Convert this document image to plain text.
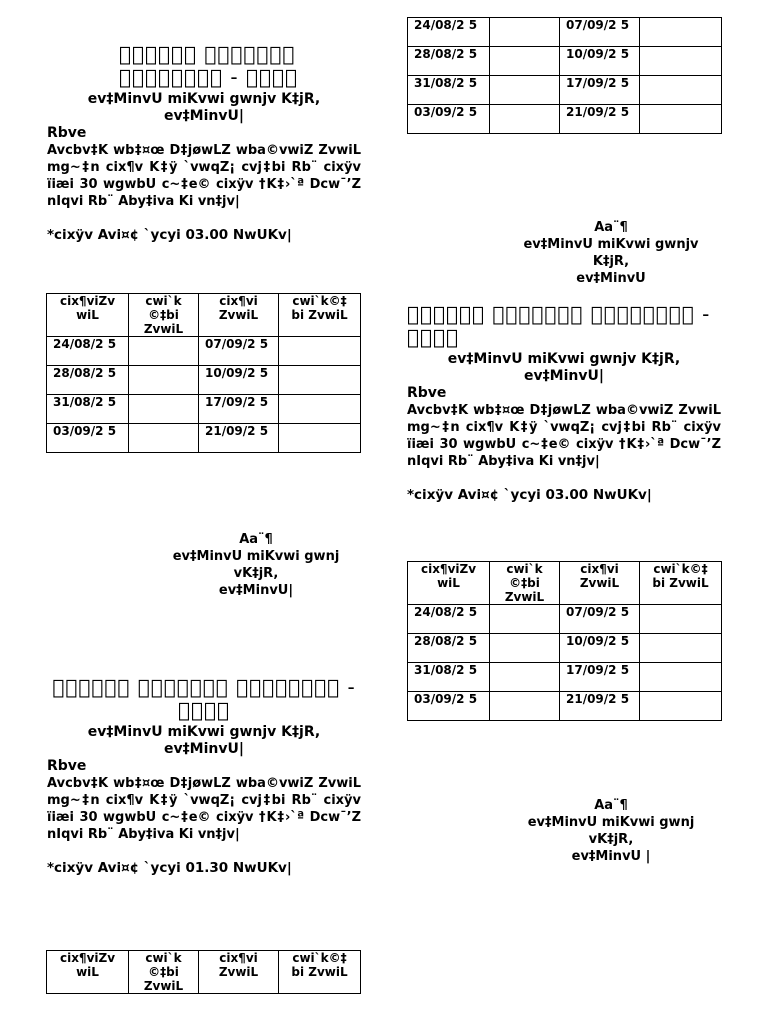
24/08/2 5		07/09/2 5	
28/08/2 5		10/09/2 5	
31/08/2 5		17/09/2 5	
03/09/2 5		21/09/2 5	
Aa¨¶
ev‡MinvU miKvwi gwnjv
K‡jR,
ev‡MinvU

                        -     

ev‡MinvU miKvwi gwnjv K‡jR, ev‡MinvU|

Rbve

Avcbv‡K wb‡¤œ D‡jøwLZ wba©vwiZ ZvwiL mg~‡n cix¶v K‡ÿ `vwqZ¡ cvj‡bi Rb¨ cixÿv ïiæi 30 wgwbU c~‡e© cixÿv †K‡›`ª Dcw¯’Z nIqvi Rb¨ Aby‡iva Ki vn‡jv|

*cixÿv Avi¤¢ `ycyi 03.00 NwUKv|

cix¶viZv wiL	cwi`k ©‡bi ZvwiL	cix¶vi ZvwiL	cwi`k©‡ bi ZvwiL
24/08/2 5		07/09/2 5	
28/08/2 5		10/09/2 5	
31/08/2 5		17/09/2 5	
03/09/2 5		21/09/2 5	
Aa¨¶
ev‡MinvU miKvwi gwnj
vK‡jR,
ev‡MinvU|

                        -     

ev‡MinvU miKvwi gwnjv K‡jR, ev‡MinvU|

Rbve

Avcbv‡K wb‡¤œ D‡jøwLZ wba©vwiZ ZvwiL mg~‡n cix¶v K‡ÿ `vwqZ¡ cvj‡bi Rb¨ cixÿv ïiæi 30 wgwbU c~‡e© cixÿv †K‡›`ª Dcw¯’Z nIqvi Rb¨ Aby‡iva Ki vn‡jv|

*cixÿv Avi¤¢ `ycyi 03.00 NwUKv|

cix¶viZv wiL	cwi`k ©‡bi ZvwiL	cix¶vi ZvwiL	cwi`k©‡ bi ZvwiL
24/08/2 5		07/09/2 5	
28/08/2 5		10/09/2 5	
31/08/2 5		17/09/2 5	
03/09/2 5		21/09/2 5	
Aa¨¶
ev‡MinvU miKvwi gwnj
vK‡jR,
ev‡MinvU |

                        -     

ev‡MinvU miKvwi gwnjv K‡jR, ev‡MinvU|

Rbve

Avcbv‡K wb‡¤œ D‡jøwLZ wba©vwiZ ZvwiL mg~‡n cix¶v K‡ÿ `vwqZ¡ cvj‡bi Rb¨ cixÿv ïiæi 30 wgwbU c~‡e© cixÿv †K‡›`ª Dcw¯’Z nIqvi Rb¨ Aby‡iva Ki vn‡jv|

*cixÿv Avi¤¢ `ycyi 01.30 NwUKv|

cix¶viZv wiL	cwi`k ©‡bi ZvwiL	cix¶vi ZvwiL	cwi`k©‡ bi ZvwiL
